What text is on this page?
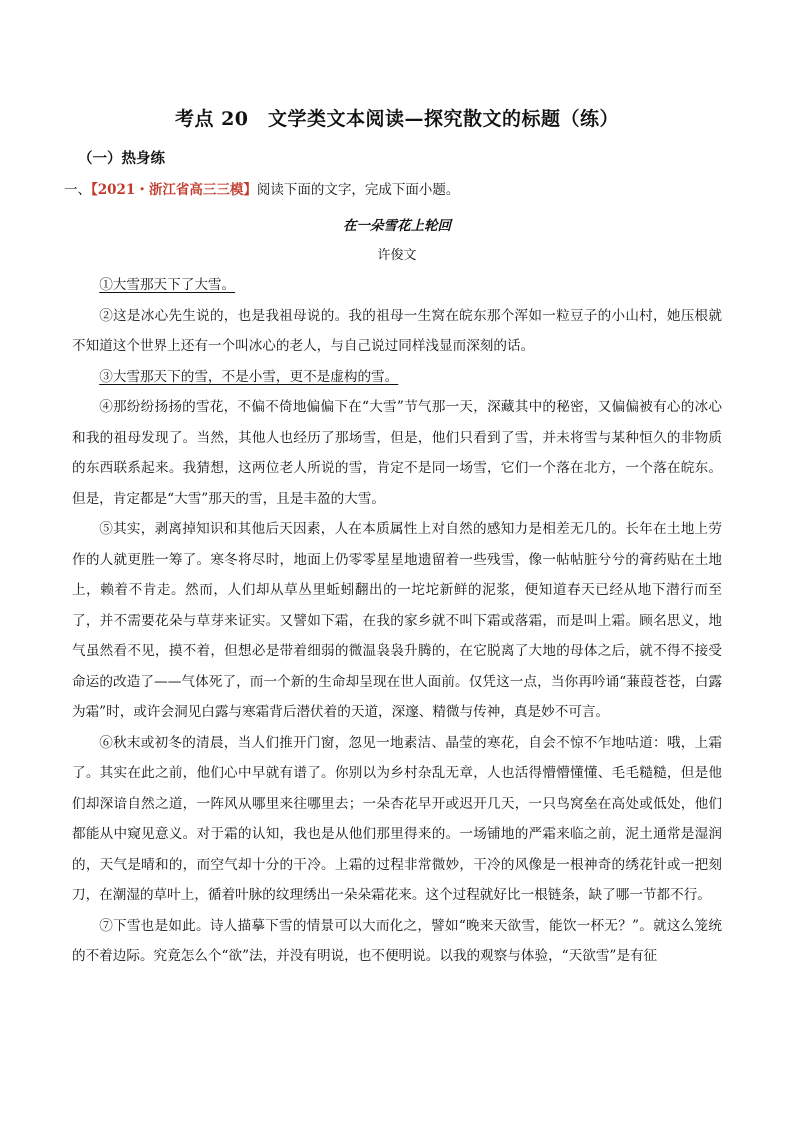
考点 20　文学类文本阅读—探究散文的标题（练）
（一）热身练
一、【2021・浙江省高三三模】阅读下面的文字，完成下面小题。
在一朵雪花上轮回
许俊文

①大雪那天下了大雪。

②这是冰心先生说的，也是我祖母说的。我的祖母一生窝在皖东那个浑如一粒豆子的小山村，她压根就不知道这个世界上还有一个叫冰心的老人，与自己说过同样浅显而深刻的话。

③大雪那天下的雪，不是小雪，更不是虚构的雪。

④那纷纷扬扬的雪花，不偏不倚地偏偏下在“大雪”节气那一天，深藏其中的秘密，又偏偏被有心的冰心和我的祖母发现了。当然，其他人也经历了那场雪，但是，他们只看到了雪，并未将雪与某种恒久的非物质的东西联系起来。我猜想，这两位老人所说的雪，肯定不是同一场雪，它们一个落在北方，一个落在皖东。但是，肯定都是“大雪”那天的雪，且是丰盈的大雪。

⑤其实，剥离掉知识和其他后天因素，人在本质属性上对自然的感知力是相差无几的。长年在土地上劳作的人就更胜一筹了。寒冬将尽时，地面上仍零零星星地遗留着一些残雪，像一帖帖脏兮兮的膏药贴在土地上，赖着不肯走。然而，人们却从草丛里蚯蚓翻出的一坨坨新鲜的泥浆，便知道春天已经从地下潜行而至了，并不需要花朵与草芽来证实。又譬如下霜，在我的家乡就不叫下霜或落霜，而是叫上霜。顾名思义，地气虽然看不见，摸不着，但想必是带着细弱的微温袅袅升腾的，在它脱离了大地的母体之后，就不得不接受命运的改造了——气体死了，而一个新的生命却呈现在世人面前。仅凭这一点，当你再吟诵“蒹葭苍苍，白露为霜”时，或许会洞见白露与寒霜背后潜伏着的天道，深邃、精微与传神，真是妙不可言。

⑥秋末或初冬的清晨，当人们推开门窗，忽见一地素洁、晶莹的寒花，自会不惊不乍地咕道：哦，上霜了。其实在此之前，他们心中早就有谱了。你别以为乡村杂乱无章，人也活得懵懵懂懂、毛毛糙糙，但是他们却深谙自然之道，一阵风从哪里来往哪里去；一朵杏花早开或迟开几天，一只鸟窝垒在高处或低处，他们都能从中窥见意义。对于霜的认知，我也是从他们那里得来的。一场铺地的严霜来临之前，泥土通常是湿润的，天气是晴和的，而空气却十分的干冷。上霜的过程非常微妙，干冷的风像是一根神奇的绣花针或一把刻刀，在潮湿的草叶上，循着叶脉的纹理绣出一朵朵霜花来。这个过程就好比一根链条，缺了哪一节都不行。

⑦下雪也是如此。诗人描摹下雪的情景可以大而化之，譬如“晚来天欲雪，能饮一杯无？”。就这么笼统的不着边际。究竟怎么个“欲”法，并没有明说，也不便明说。以我的观察与体验，“天欲雪”是有征
